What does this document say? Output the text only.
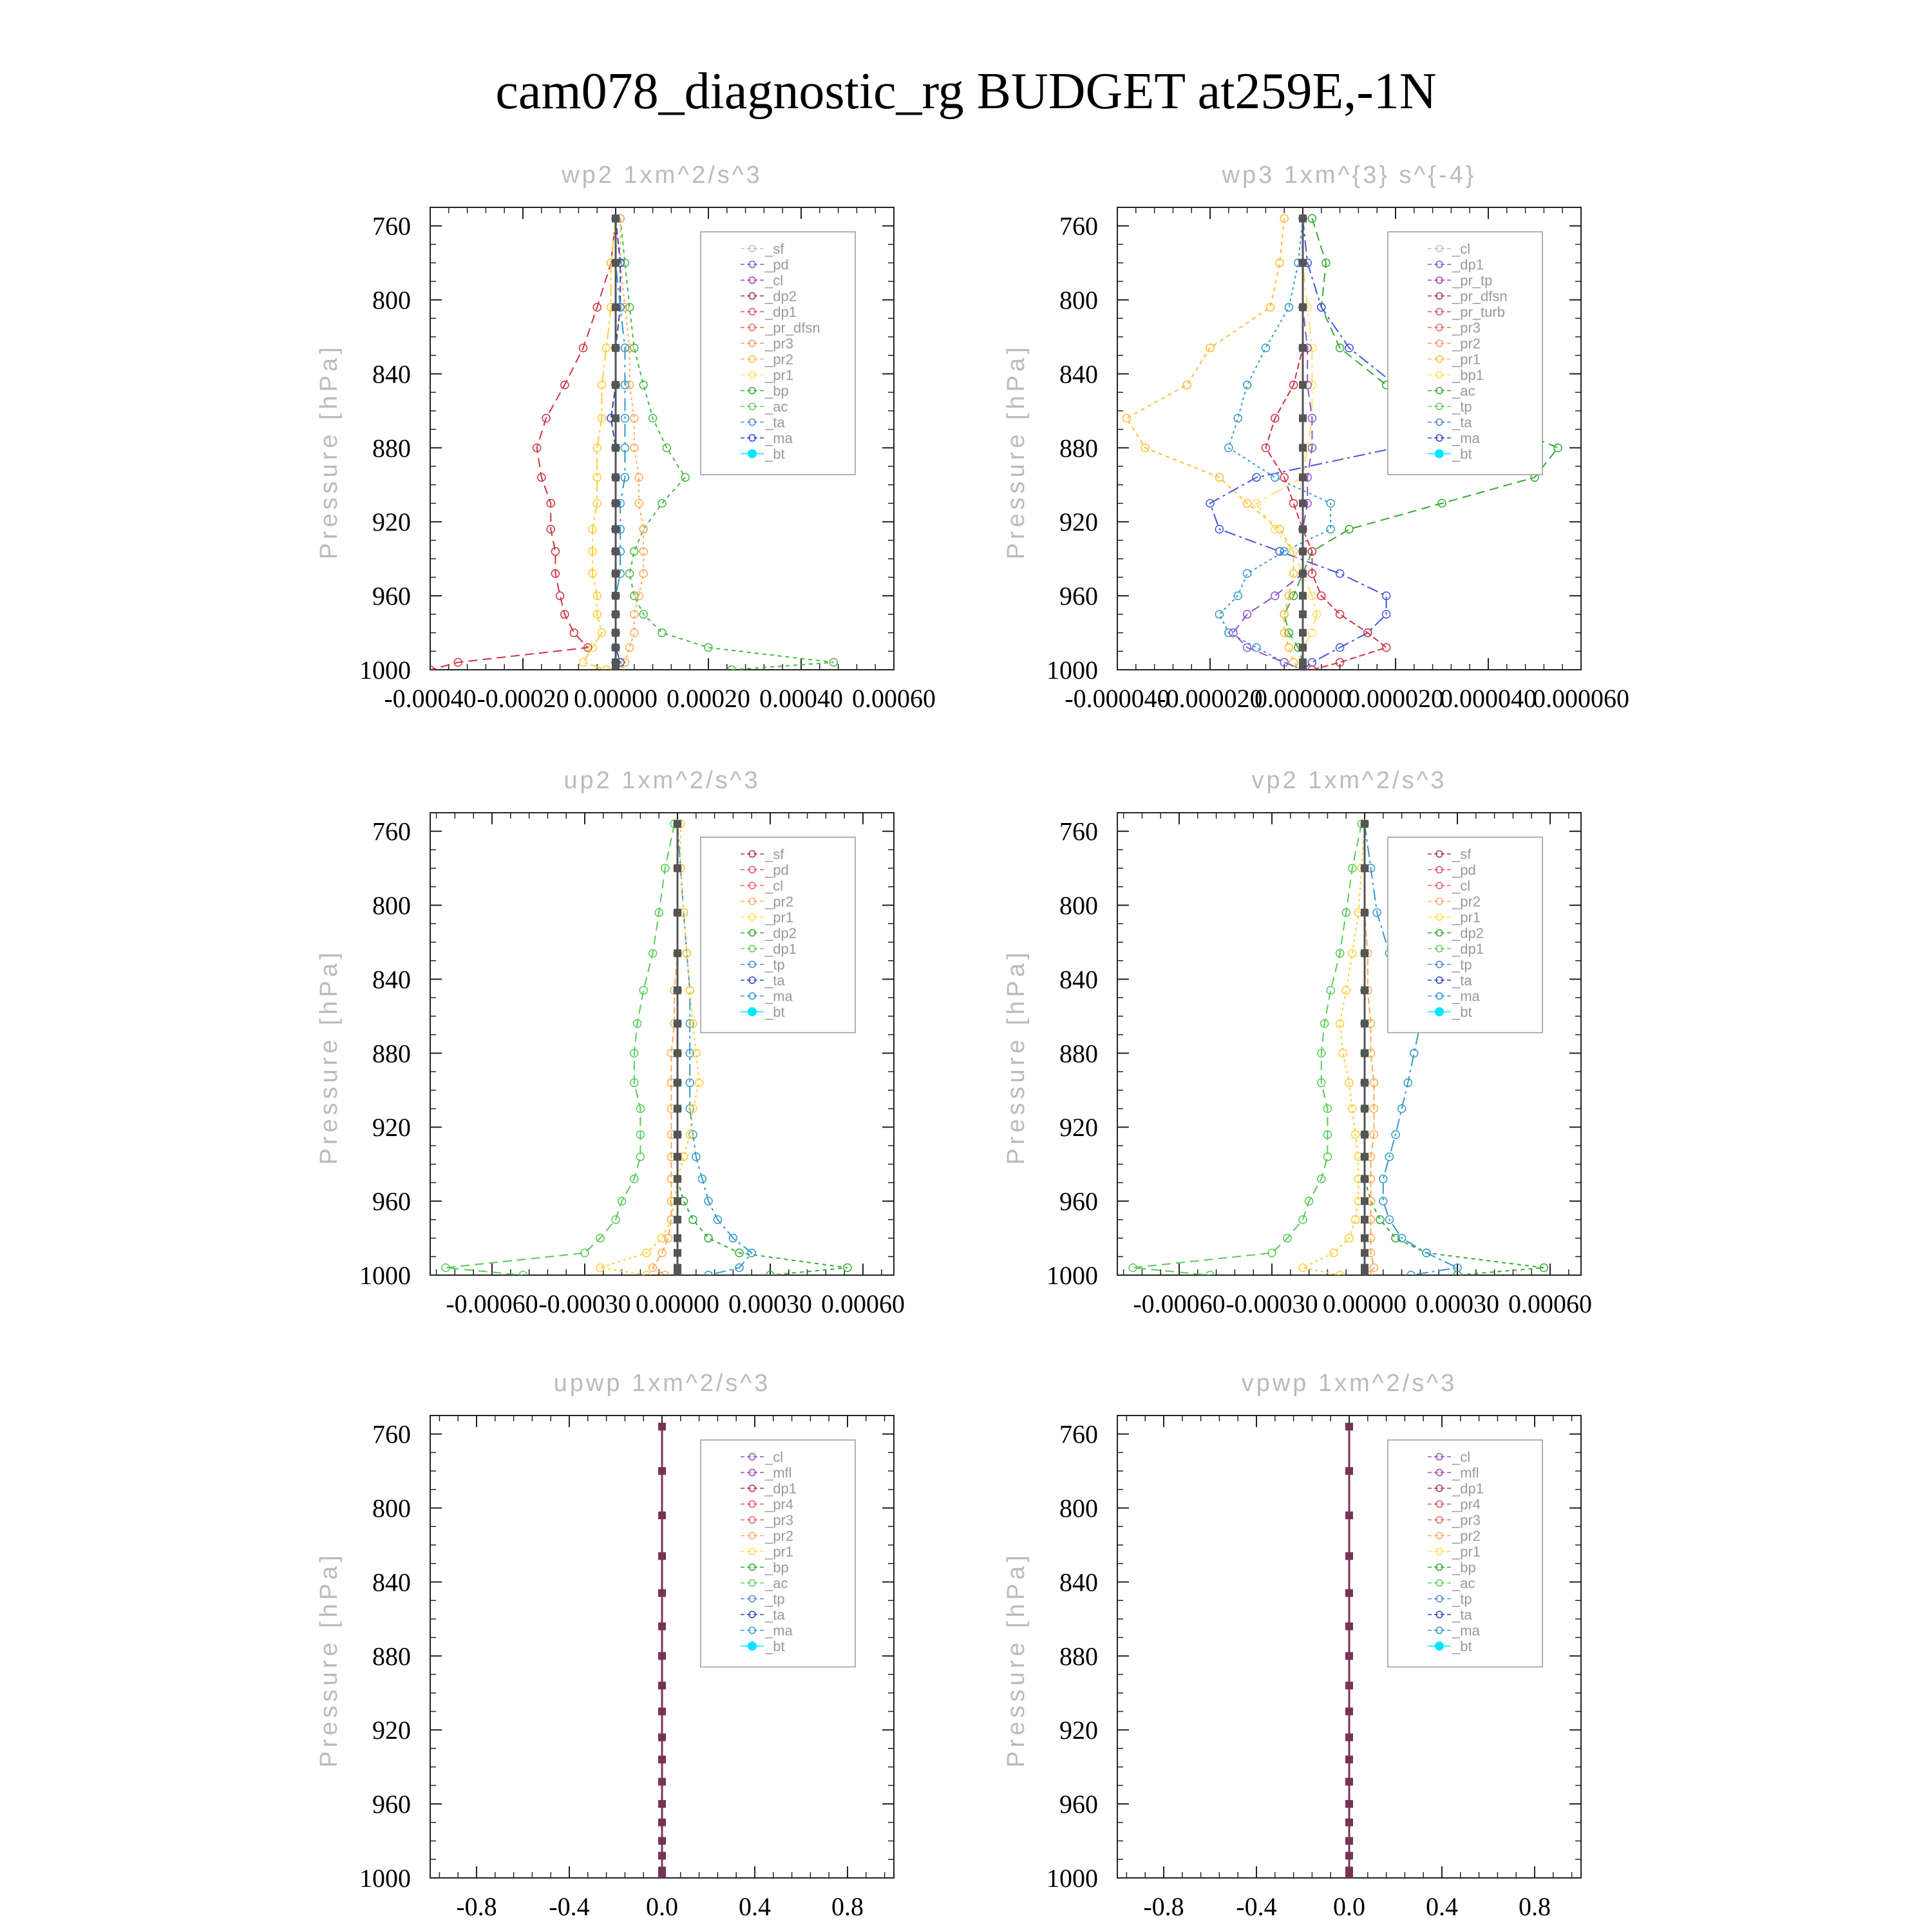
cam078_diagnostic_rg BUDGET at259E,-1N
wp2 1xm^2/s^3
Pressure [hPa]
760
800
840
880
920
960
1000
-0.00040 -0.00020 0.00000 0.00020 0.00040 0.00060
_sf
_pd
_cl
_dp2
_dp1
_pr_dfsn
_pr3
_pr2
_pr1
_bp
_ac
_ta
_ma
_bt
wp3 1xm^{3} s^{-4}
Pressure [hPa]
760
800
840
880
920
960
1000
-0.000040
-0.000020
0.000000
0.000020
0.000040
0.000060
_cl
_dp1
_pr_tp
_pr_dfsn
_pr_turb
_pr3
_pr2
_pr1
_bp1
_ac
_tp
_ta
_ma
_bt
up2 1xm^2/s^3
Pressure [hPa]
760
800
840
880
920
960
1000
-0.00060 -0.00030 0.00000 0.00030 0.00060
_sf
_pd
_cl
_pr2
_pr1
_dp2
_dp1
_tp
_ta
_ma
_bt
vp2 1xm^2/s^3
Pressure [hPa]
760
800
840
880
920
960
1000
-0.00060 -0.00030 0.00000 0.00030 0.00060
_sf
_pd
_cl
_pr2
_pr1
_dp2
_dp1
_tp
_ta
_ma
_bt
upwp 1xm^2/s^3
Pressure [hPa]
760
800
840
880
920
960
1000
-0.8 -0.4 0.0 0.4 0.8
_cl
_mfl
_dp1
_pr4
_pr3
_pr2
_pr1
_bp
_ac
_tp
_ta
_ma
_bt
vpwp 1xm^2/s^3
Pressure [hPa]
760
800
840
880
920
960
1000
-0.8 -0.4 0.0 0.4 0.8
_cl
_mfl
_dp1
_pr4
_pr3
_pr2
_pr1
_bp
_ac
_tp
_ta
_ma
_bt
